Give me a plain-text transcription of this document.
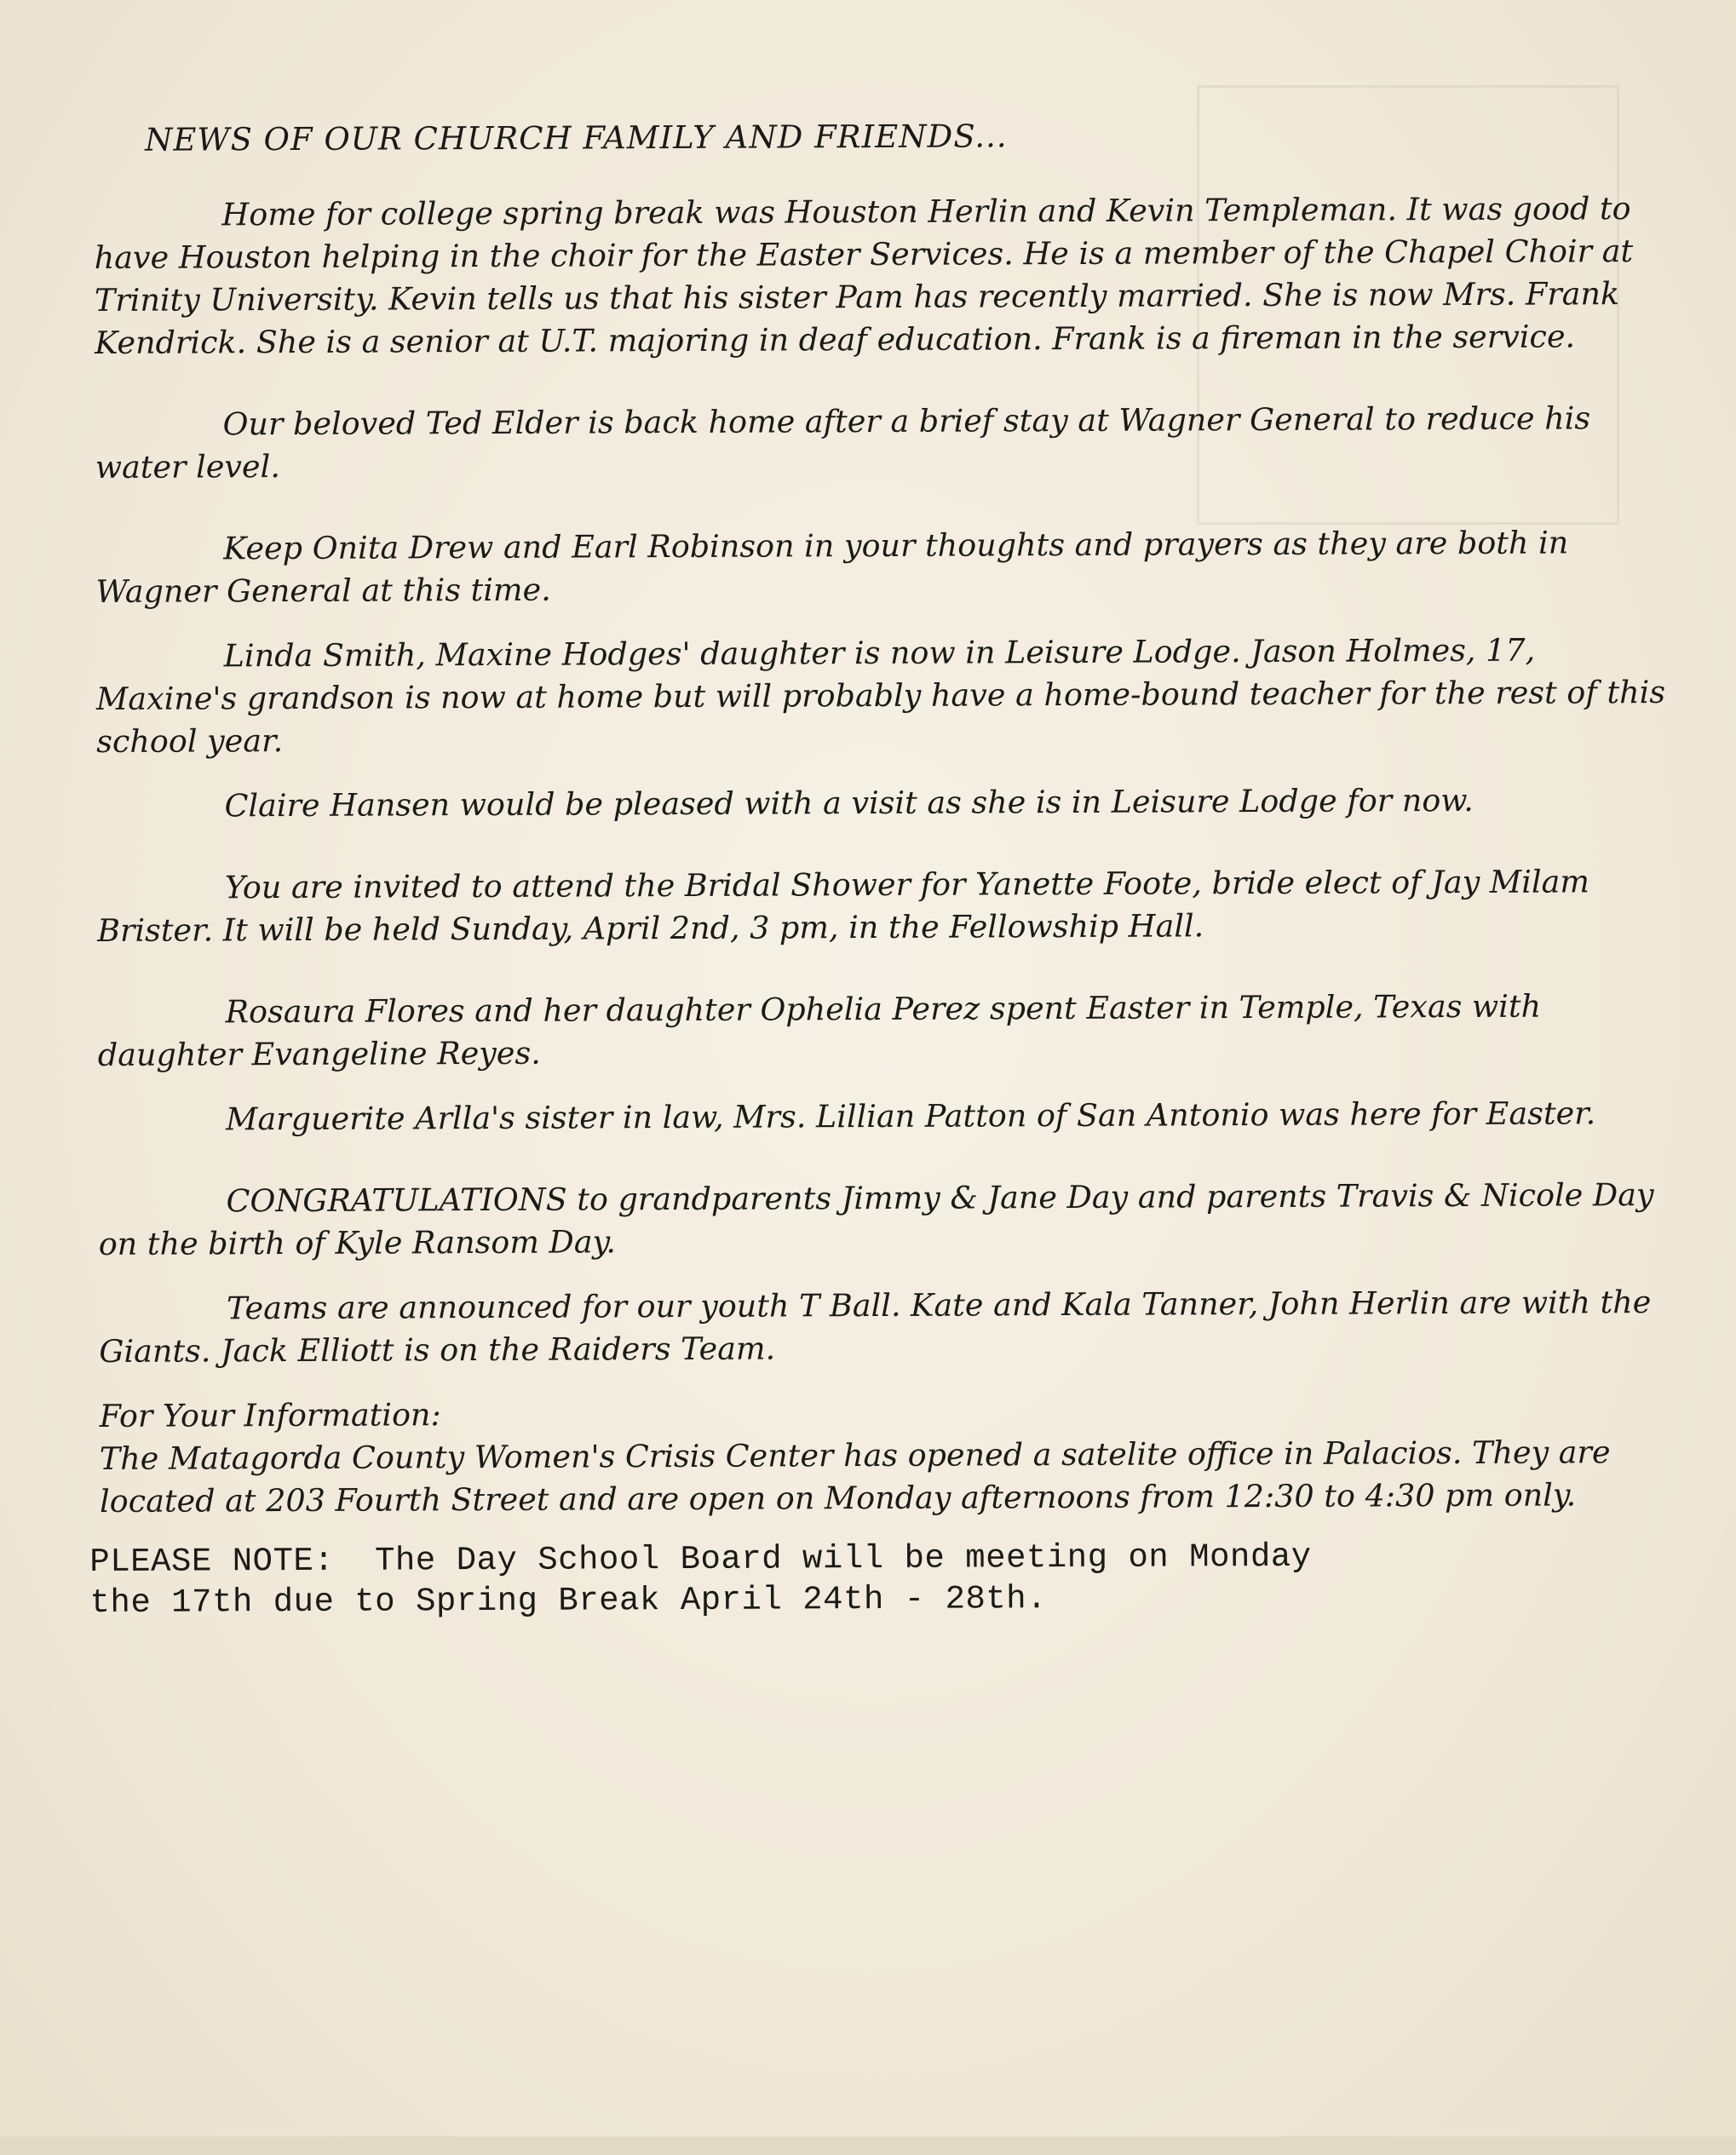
NEWS OF OUR CHURCH FAMILY AND FRIENDS...

Home for college spring break was Houston Herlin and Kevin Templeman. It was good to have Houston helping in the choir for the Easter Services. He is a member of the Chapel Choir at Trinity University. Kevin tells us that his sister Pam has recently married. She is now Mrs. Frank Kendrick. She is a senior at U.T. majoring in deaf education. Frank is a fireman in the service.

Our beloved Ted Elder is back home after a brief stay at Wagner General to reduce his water level.

Keep Onita Drew and Earl Robinson in your thoughts and prayers as they are both in Wagner General at this time.

Linda Smith, Maxine Hodges' daughter is now in Leisure Lodge. Jason Holmes, 17, Maxine's grandson is now at home but will probably have a home-bound teacher for the rest of this school year.

Claire Hansen would be pleased with a visit as she is in Leisure Lodge for now.

You are invited to attend the Bridal Shower for Yanette Foote, bride elect of Jay Milam Brister. It will be held Sunday, April 2nd, 3 pm, in the Fellowship Hall.

Rosaura Flores and her daughter Ophelia Perez spent Easter in Temple, Texas with daughter Evangeline Reyes.

Marguerite Arlla's sister in law, Mrs. Lillian Patton of San Antonio was here for Easter.

CONGRATULATIONS to grandparents Jimmy & Jane Day and parents Travis & Nicole Day on the birth of Kyle Ransom Day.

Teams are announced for our youth T Ball. Kate and Kala Tanner, John Herlin are with the Giants. Jack Elliott is on the Raiders Team.

For Your Information:
The Matagorda County Women's Crisis Center has opened a satelite office in Palacios. They are located at 203 Fourth Street and are open on Monday afternoons from 12:30 to 4:30 pm only.
PLEASE NOTE:  The Day School Board will be meeting on Monday
the 17th due to Spring Break April 24th - 28th.
